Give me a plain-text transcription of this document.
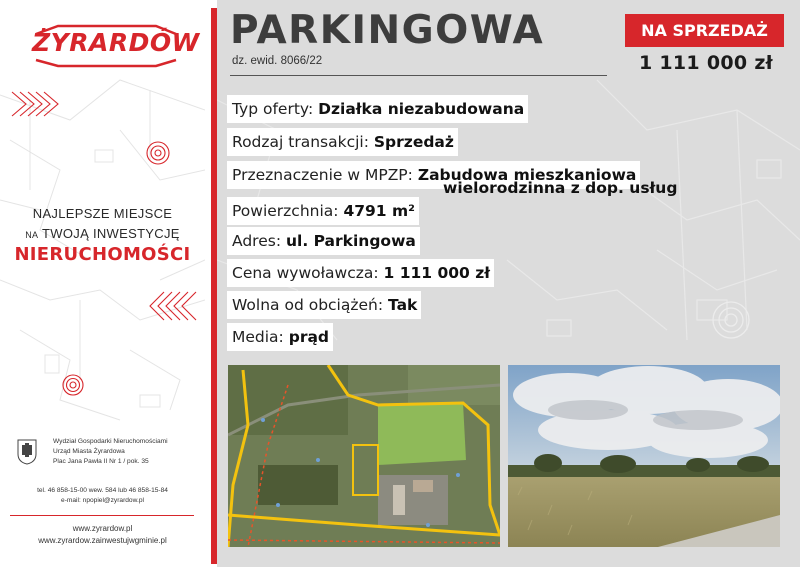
ŻYRARDÓW
NAJLEPSZE MIEJSCE
NA TWOJĄ INWESTYCJĘ
NIERUCHOMOŚCI
Wydział Gospodarki Nieruchomościami
Urząd Miasta Żyrardowa
Plac Jana Pawła II Nr 1 / pok. 35
tel. 46 858-15-00 wew. 584 lub 46 858-15-84
e-mail: npopiel@zyrardow.pl
www.zyrardow.pl
www.zyrardow.zainwestujwgminie.pl
PARKINGOWA
dz. ewid. 8066/22
NA SPRZEDAŻ
1 111 000 zł
Typ oferty: Działka niezabudowana
Rodzaj transakcji: Sprzedaż
Przeznaczenie w MPZP: Zabudowa mieszkaniowa
wielorodzinna z dop. usług
Powierzchnia: 4791 m²
Adres: ul. Parkingowa
Cena wywoławcza: 1 111 000 zł
Wolna od obciążeń: Tak
Media: prąd
